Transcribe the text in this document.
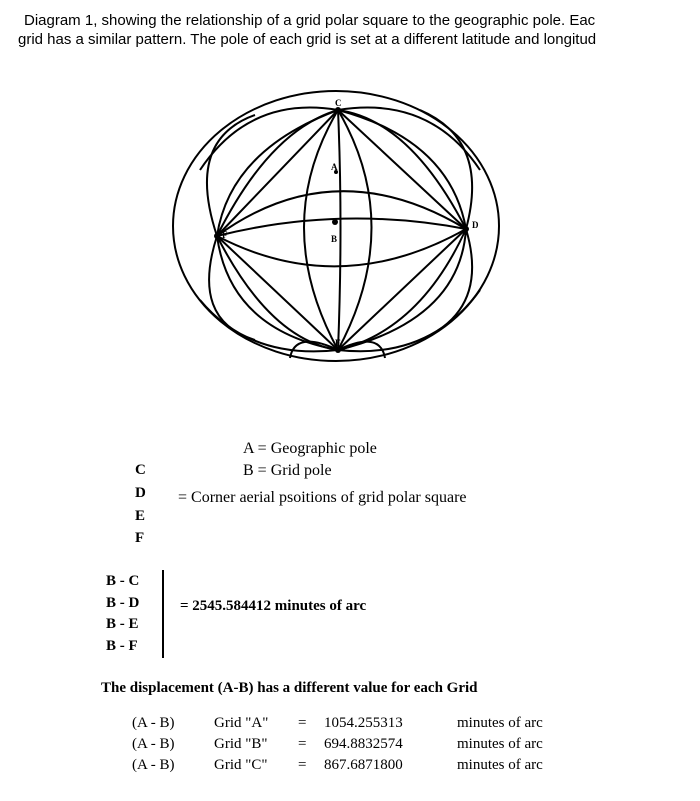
Diagram 1, showing the relationship of a grid polar square to the geographic pole. Eac
grid has a similar pattern. The pole of each grid is set at a different latitude and longitud
C
A
B
F
D
E
A = Geographic pole
B = Grid pole
C
D
E
F
= Corner aerial psoitions of grid polar square
B - C
B - D
B - E
B - F
= 2545.584412 minutes of arc
The displacement (A-B) has a different value for each Grid
(A - B)	Grid "A" = 1054.255313	minutes of arc
(A - B)	Grid "B" = 694.8832574	minutes of arc
(A - B)	Grid "C" = 867.6871800	minutes of arc
